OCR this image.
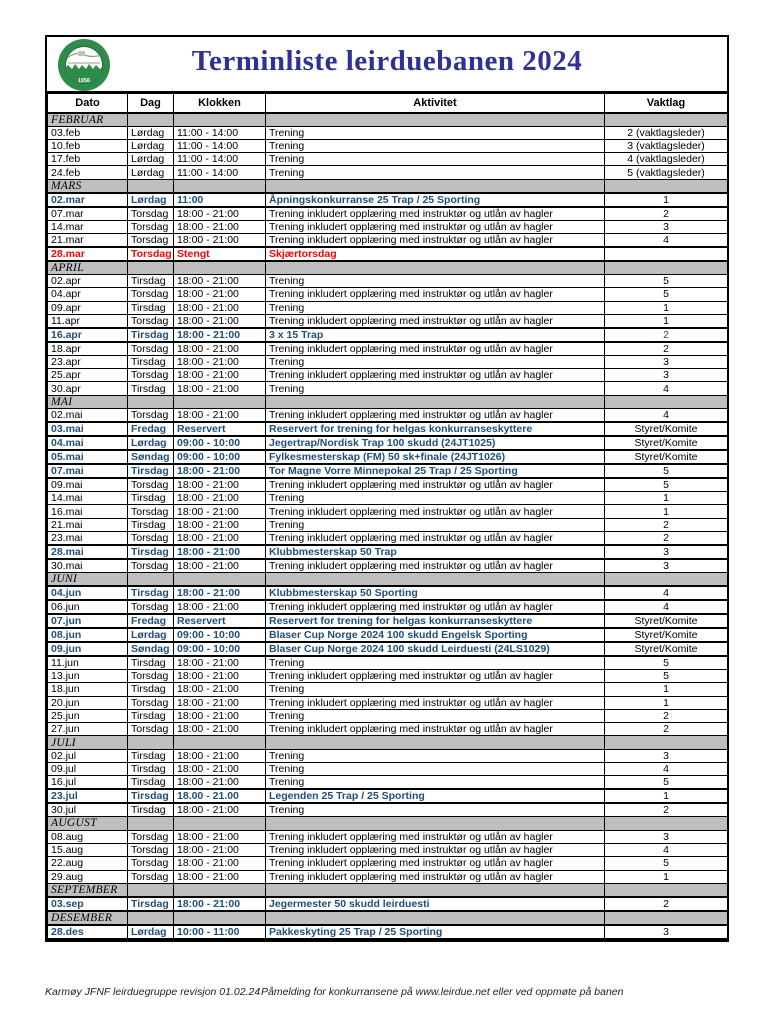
1956
Terminliste leirduebanen 2024
Dato	Dag	Klokken	Aktivitet	Vaktlag
FEBRUAR				
03.feb	Lørdag	11:00 - 14:00	Trening	2 (vaktlagsleder)
10.feb	Lørdag	11:00 - 14:00	Trening	3 (vaktlagsleder)
17.feb	Lørdag	11:00 - 14:00	Trening	4 (vaktlagsleder)
24.feb	Lørdag	11:00 - 14:00	Trening	5 (vaktlagsleder)
MARS				
02.mar	Lørdag	11:00	Åpningskonkurranse 25 Trap / 25 Sporting	1
07.mar	Torsdag	18:00 - 21:00	Trening inkludert opplæring med instruktør og utlån av hagler	2
14.mar	Torsdag	18:00 - 21:00	Trening inkludert opplæring med instruktør og utlån av hagler	3
21.mar	Torsdag	18:00 - 21:00	Trening inkludert opplæring med instruktør og utlån av hagler	4
28.mar	Torsdag	Stengt	Skjærtorsdag	
APRIL				
02.apr	Tirsdag	18:00 - 21:00	Trening	5
04.apr	Torsdag	18:00 - 21:00	Trening inkludert opplæring med instruktør og utlån av hagler	5
09.apr	Tirsdag	18:00 - 21:00	Trening	1
11.apr	Torsdag	18:00 - 21:00	Trening inkludert opplæring med instruktør og utlån av hagler	1
16.apr	Tirsdag	18:00 - 21:00	3 x 15 Trap	2
18.apr	Torsdag	18:00 - 21:00	Trening inkludert opplæring med instruktør og utlån av hagler	2
23.apr	Tirsdag	18:00 - 21:00	Trening	3
25.apr	Torsdag	18:00 - 21:00	Trening inkludert opplæring med instruktør og utlån av hagler	3
30.apr	Tirsdag	18:00 - 21:00	Trening	4
MAI				
02.mai	Torsdag	18:00 - 21:00	Trening inkludert opplæring med instruktør og utlån av hagler	4
03.mai	Fredag	Reservert	Reservert for trening for helgas konkurranseskyttere	Styret/Komite
04.mai	Lørdag	09:00 - 10:00	Jegertrap/Nordisk Trap 100 skudd (24JT1025)	Styret/Komite
05.mai	Søndag	09:00 - 10:00	Fylkesmesterskap (FM) 50 sk+finale (24JT1026)	Styret/Komite
07.mai	Tirsdag	18:00 - 21:00	Tor Magne Vorre Minnepokal 25 Trap / 25 Sporting	5
09.mai	Torsdag	18:00 - 21:00	Trening inkludert opplæring med instruktør og utlån av hagler	5
14.mai	Tirsdag	18:00 - 21:00	Trening	1
16.mai	Torsdag	18:00 - 21:00	Trening inkludert opplæring med instruktør og utlån av hagler	1
21.mai	Tirsdag	18:00 - 21:00	Trening	2
23.mai	Torsdag	18:00 - 21:00	Trening inkludert opplæring med instruktør og utlån av hagler	2
28.mai	Tirsdag	18:00 - 21:00	Klubbmesterskap 50 Trap	3
30.mai	Torsdag	18:00 - 21:00	Trening inkludert opplæring med instruktør og utlån av hagler	3
JUNI				
04.jun	Tirsdag	18:00 - 21:00	Klubbmesterskap 50 Sporting	4
06.jun	Torsdag	18:00 - 21:00	Trening inkludert opplæring med instruktør og utlån av hagler	4
07.jun	Fredag	Reservert	Reservert for trening for helgas konkurranseskyttere	Styret/Komite
08.jun	Lørdag	09:00 - 10:00	Blaser Cup Norge 2024 100 skudd Engelsk Sporting	Styret/Komite
09.jun	Søndag	09:00 - 10:00	Blaser Cup Norge 2024 100 skudd Leirduesti (24LS1029)	Styret/Komite
11.jun	Tirsdag	18:00 - 21:00	Trening	5
13.jun	Torsdag	18:00 - 21:00	Trening inkludert opplæring med instruktør og utlån av hagler	5
18.jun	Tirsdag	18:00 - 21:00	Trening	1
20.jun	Torsdag	18:00 - 21:00	Trening inkludert opplæring med instruktør og utlån av hagler	1
25.jun	Tirsdag	18:00 - 21:00	Trening	2
27.jun	Torsdag	18:00 - 21:00	Trening inkludert opplæring med instruktør og utlån av hagler	2
JULI				
02.jul	Tirsdag	18:00 - 21:00	Trening	3
09.jul	Tirsdag	18:00 - 21:00	Trening	4
16.jul	Tirsdag	18:00 - 21:00	Trening	5
23.jul	Tirsdag	18.00 - 21.00	Legenden 25 Trap / 25 Sporting	1
30.jul	Tirsdag	18:00 - 21:00	Trening	2
AUGUST				
08.aug	Torsdag	18:00 - 21:00	Trening inkludert opplæring med instruktør og utlån av hagler	3
15.aug	Torsdag	18:00 - 21:00	Trening inkludert opplæring med instruktør og utlån av hagler	4
22.aug	Torsdag	18:00 - 21:00	Trening inkludert opplæring med instruktør og utlån av hagler	5
29.aug	Torsdag	18:00 - 21:00	Trening inkludert opplæring med instruktør og utlån av hagler	1
SEPTEMBER				
03.sep	Tirsdag	18:00 - 21:00	Jegermester 50 skudd leirduesti	2
DESEMBER				
28.des	Lørdag	10:00 - 11:00	Pakkeskyting 25 Trap / 25 Sporting	3
Karmøy JFNF leirduegruppe revisjon 01.02.24 Påmelding for konkurransene på www.leirdue.net eller ved oppmøte på banen
